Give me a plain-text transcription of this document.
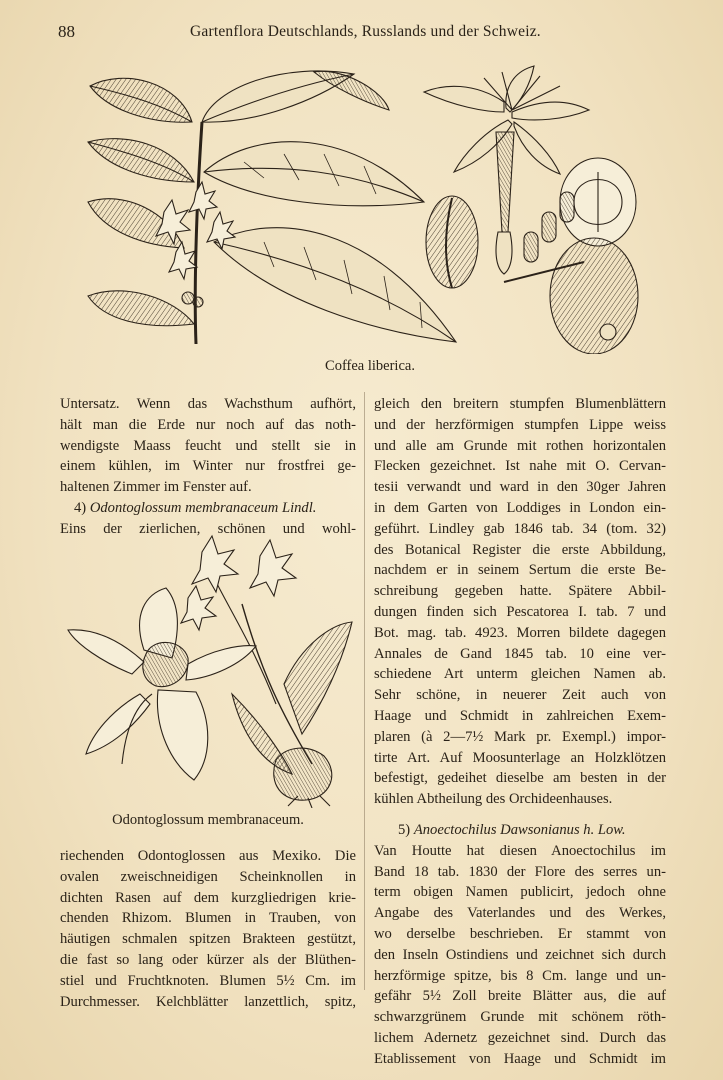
88	Gartenflora Deutschlands, Russlands und der Schweiz.
Coffea liberica.
Untersatz. Wenn das Wachsthum aufhört,
hält man die Erde nur noch auf das noth-
wendigste Maass feucht und stellt sie in
einem kühlen, im Winter nur frostfrei ge-
haltenen Zimmer im Fenster auf.
4) Odontoglossum membranaceum Lindl.
Eins der zierlichen, schönen und wohl-
Odontoglossum membranaceum.
riechenden Odontoglossen aus Mexiko. Die
ovalen zweischneidigen Scheinknollen in
dichten Rasen auf dem kurzgliedrigen krie-
chenden Rhizom. Blumen in Trauben, von
häutigen schmalen spitzen Brakteen gestützt,
die fast so lang oder kürzer als der Blüthen-
stiel und Fruchtknoten. Blumen 5½ Cm. im
Durchmesser. Kelchblätter lanzettlich, spitz,
gleich den breitern stumpfen Blumenblättern
und der herzförmigen stumpfen Lippe weiss
und alle am Grunde mit rothen horizontalen
Flecken gezeichnet. Ist nahe mit O. Cervan-
tesii verwandt und ward in den 30ger Jahren
in dem Garten von Loddiges in London ein-
geführt. Lindley gab 1846 tab. 34 (tom. 32)
des Botanical Register die erste Abbildung,
nachdem er in seinem Sertum die erste Be-
schreibung gegeben hatte. Spätere Abbil-
dungen finden sich Pescatorea I. tab. 7 und
Bot. mag. tab. 4923. Morren bildete dagegen
Annales de Gand 1845 tab. 10 eine ver-
schiedene Art unterm gleichen Namen ab.
Sehr schöne, in neuerer Zeit auch von
Haage und Schmidt in zahlreichen Exem-
plaren (à 2—7½ Mark pr. Exempl.) impor-
tirte Art. Auf Moosunterlage an Holzklötzen
befestigt, gedeihet dieselbe am besten in der
kühlen Abtheilung des Orchideenhauses.
5) Anoectochilus Dawsonianus h. Low.
Van Houtte hat diesen Anoectochilus im
Band 18 tab. 1830 der Flore des serres un-
term obigen Namen publicirt, jedoch ohne
Angabe des Vaterlandes und des Werkes,
wo derselbe beschrieben. Er stammt von
den Inseln Ostindiens und zeichnet sich durch
herzförmige spitze, bis 8 Cm. lange und un-
gefähr 5½ Zoll breite Blätter aus, die auf
schwarzgrünem Grunde mit schönem röth-
lichem Adernetz gezeichnet sind. Durch das
Etablissement von Haage und Schmidt im
